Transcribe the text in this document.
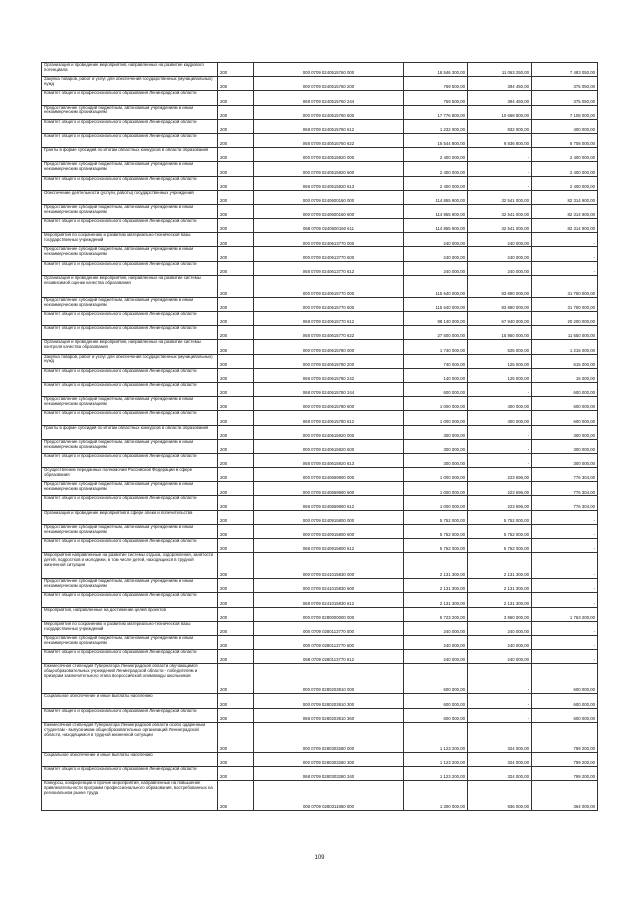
Организация и проведение мероприятий, направленных на развитие кадрового потенциала	200	000 0709 0240515760 000	18 546 300,00	11 063 250,00	7 483 050,00
Закупка товаров, работ и услуг для обеспечения государственных (муниципальных) нужд	200	000 0709 0240515760 200	769 500,00	394 450,00	375 050,00
Комитет общего и профессионального образования Ленинградской области	200	068 0709 0240515760 244	769 500,00	394 450,00	375 050,00
Предоставление субсидий бюджетным, автономным учреждениям и иным некоммерческим организациям	200	000 0709 0240515760 600	17 776 800,00	10 668 800,00	7 108 000,00
Комитет общего и профессионального образования Ленинградской области	200	068 0709 0240515760 612	1 232 000,00	832 000,00	400 000,00
Комитет общего и профессионального образования Ленинградской области	200	068 0709 0240515760 622	16 544 800,00	9 836 800,00	6 708 000,00
Гранты в форме субсидий по итогам областных конкурсов в области образования	200	000 0709 0240515920 000	2 400 000,00	-	2 400 000,00
Предоставление субсидий бюджетным, автономным учреждениям и иным некоммерческим организациям	200	000 0709 0240515920 600	2 400 000,00	-	2 400 000,00
Комитет общего и профессионального образования Ленинградской области	200	068 0709 0240515920 613	2 400 000,00	-	2 400 000,00
Обеспечение деятельности (услуги, работы) государственных учреждений	200	000 0709 0240600160 000	114 855 900,00	32 541 000,00	82 314 900,00
Предоставление субсидий бюджетным, автономным учреждениям и иным некоммерческим организациям	200	000 0709 0240600160 600	114 855 900,00	32 541 000,00	82 314 900,00
Комитет общего и профессионального образования Ленинградской области	200	068 0709 0240600160 611	114 855 900,00	32 541 000,00	82 314 900,00
Мероприятия по сохранению и развитию материально-технической базы государственных учреждений	200	000 0709 0240613770 000	240 000,00	240 000,00	-
Предоставление субсидий бюджетным, автономным учреждениям и иным некоммерческим организациям	200	000 0709 0240613770 600	240 000,00	240 000,00	-
Комитет общего и профессионального образования Ленинградской области	200	068 0709 0240613770 612	240 000,00	240 000,00	-
Организация и проведение мероприятий, направленных на развитие системы независимой оценки качества образования	200	000 0709 0240615770 000	115 640 000,00	83 890 000,00	31 750 000,00
Предоставление субсидий бюджетным, автономным учреждениям и иным некоммерческим организациям	200	000 0709 0240615770 600	115 640 000,00	83 890 000,00	31 750 000,00
Комитет общего и профессионального образования Ленинградской области	200	068 0709 0240615770 612	88 140 000,00	67 940 000,00	20 200 000,00
Комитет общего и профессионального образования Ленинградской области	200	068 0709 0240615770 622	27 500 000,00	15 950 000,00	11 550 000,00
Организация и проведение мероприятий, направленных на развитие системы контроля качества образования	200	000 0709 0240615780 000	1 740 000,00	525 000,00	1 215 000,00
Закупка товаров, работ и услуг для обеспечения государственных (муниципальных) нужд	200	000 0709 0240615780 200	740 000,00	125 000,00	615 000,00
Комитет общего и профессионального образования Ленинградской области	200	068 0709 0240615780 242	140 000,00	125 000,00	15 000,00
Комитет общего и профессионального образования Ленинградской области	200	068 0709 0240615780 244	600 000,00	-	600 000,00
Предоставление субсидий бюджетным, автономным учреждениям и иным некоммерческим организациям	200	000 0709 0240615780 600	1 000 000,00	400 000,00	600 000,00
Комитет общего и профессионального образования Ленинградской области	200	068 0709 0240615780 612	1 000 000,00	400 000,00	600 000,00
Гранты в форме субсидий по итогам областных конкурсов в области образования	200	000 0709 0240615920 000	300 000,00	-	300 000,00
Предоставление субсидий бюджетным, автономным учреждениям и иным некоммерческим организациям	200	000 0709 0240615920 600	300 000,00	-	300 000,00
Комитет общего и профессионального образования Ленинградской области	200	068 0709 0240615920 613	300 000,00	-	300 000,00
Осуществление переданных полномочий Российской Федерации в сфере образования	200	000 0709 0240659900 000	1 000 000,00	223 696,00	776 304,00
Предоставление субсидий бюджетным, автономным учреждениям и иным некоммерческим организациям	200	000 0709 0240659900 600	1 000 000,00	223 696,00	776 304,00
Комитет общего и профессионального образования Ленинградской области	200	068 0709 0240659900 612	1 000 000,00	223 696,00	776 304,00
Организация и проведение мероприятий в сфере опеки и попечительства	200	000 0709 0240915800 000	5 752 000,00	5 752 000,00	-
Предоставление субсидий бюджетным, автономным учреждениям и иным некоммерческим организациям	200	000 0709 0240915800 600	5 752 000,00	5 752 000,00	-
Комитет общего и профессионального образования Ленинградской области	200	068 0709 0240915800 612	5 752 000,00	5 752 000,00	-
Мероприятия направленные на развитие системы отдыха, оздоровления, занятости детей, подростков и молодежи, в том числе детей, находящихся в трудной жизненной ситуации	200	000 0709 0241015830 000	2 131 300,00	2 131 300,00	-
Предоставление субсидий бюджетным, автономным учреждениям и иным некоммерческим организациям	200	000 0709 0241015830 600	2 131 300,00	2 131 300,00	-
Комитет общего и профессионального образования Ленинградской области	200	068 0709 0241015830 612	2 131 300,00	2 131 300,00	-
Мероприятия, направленные на достижение целей проектов	200	000 0709 0280000000 000	5 723 200,00	3 960 000,00	1 763 200,00
Мероприятия по сохранению и развитию материально-технической базы государственных учреждений	200	000 0709 0280113770 000	240 000,00	240 000,00	-
Предоставление субсидий бюджетным, автономным учреждениям и иным некоммерческим организациям	200	000 0709 0280113770 600	240 000,00	240 000,00	-
Комитет общего и профессионального образования Ленинградской области	200	068 0709 0280113770 612	240 000,00	240 000,00	-
Ежемесячная стипендия Губернатора Ленинградской области обучающимся общеобразовательных учреждений Ленинградской области - победителям и призерам заключительного этапа всероссийской олимпиады школьников	200	000 0709 0280203910 000	600 000,00	-	600 000,00
Социальное обеспечение и иные выплаты населению	200	000 0709 0280203910 300	600 000,00	-	600 000,00
Комитет общего и профессионального образования Ленинградской области	200	068 0709 0280203910 360	600 000,00	-	600 000,00
Ежемесячная стипендия Губернатора Ленинградской области особо одаренным студентам - выпускникам общеобразовательных организаций Ленинградской области, находящимся в трудной жизненной ситуации	200	000 0709 0280303280 000	1 123 200,00	324 000,00	799 200,00
Социальное обеспечение и иные выплаты населению	200	000 0709 0280303280 300	1 123 200,00	324 000,00	799 200,00
Комитет общего и профессионального образования Ленинградской области	200	068 0709 0280303280 340	1 123 200,00	324 000,00	799 200,00
Конкурсы, конференции и прочие мероприятия, направленные на повышение привлекательности программ профессионального образования, востребованных на региональном рынке труда	200	000 0709 0280311950 000	1 300 000,00	936 000,00	364 000,00
109
